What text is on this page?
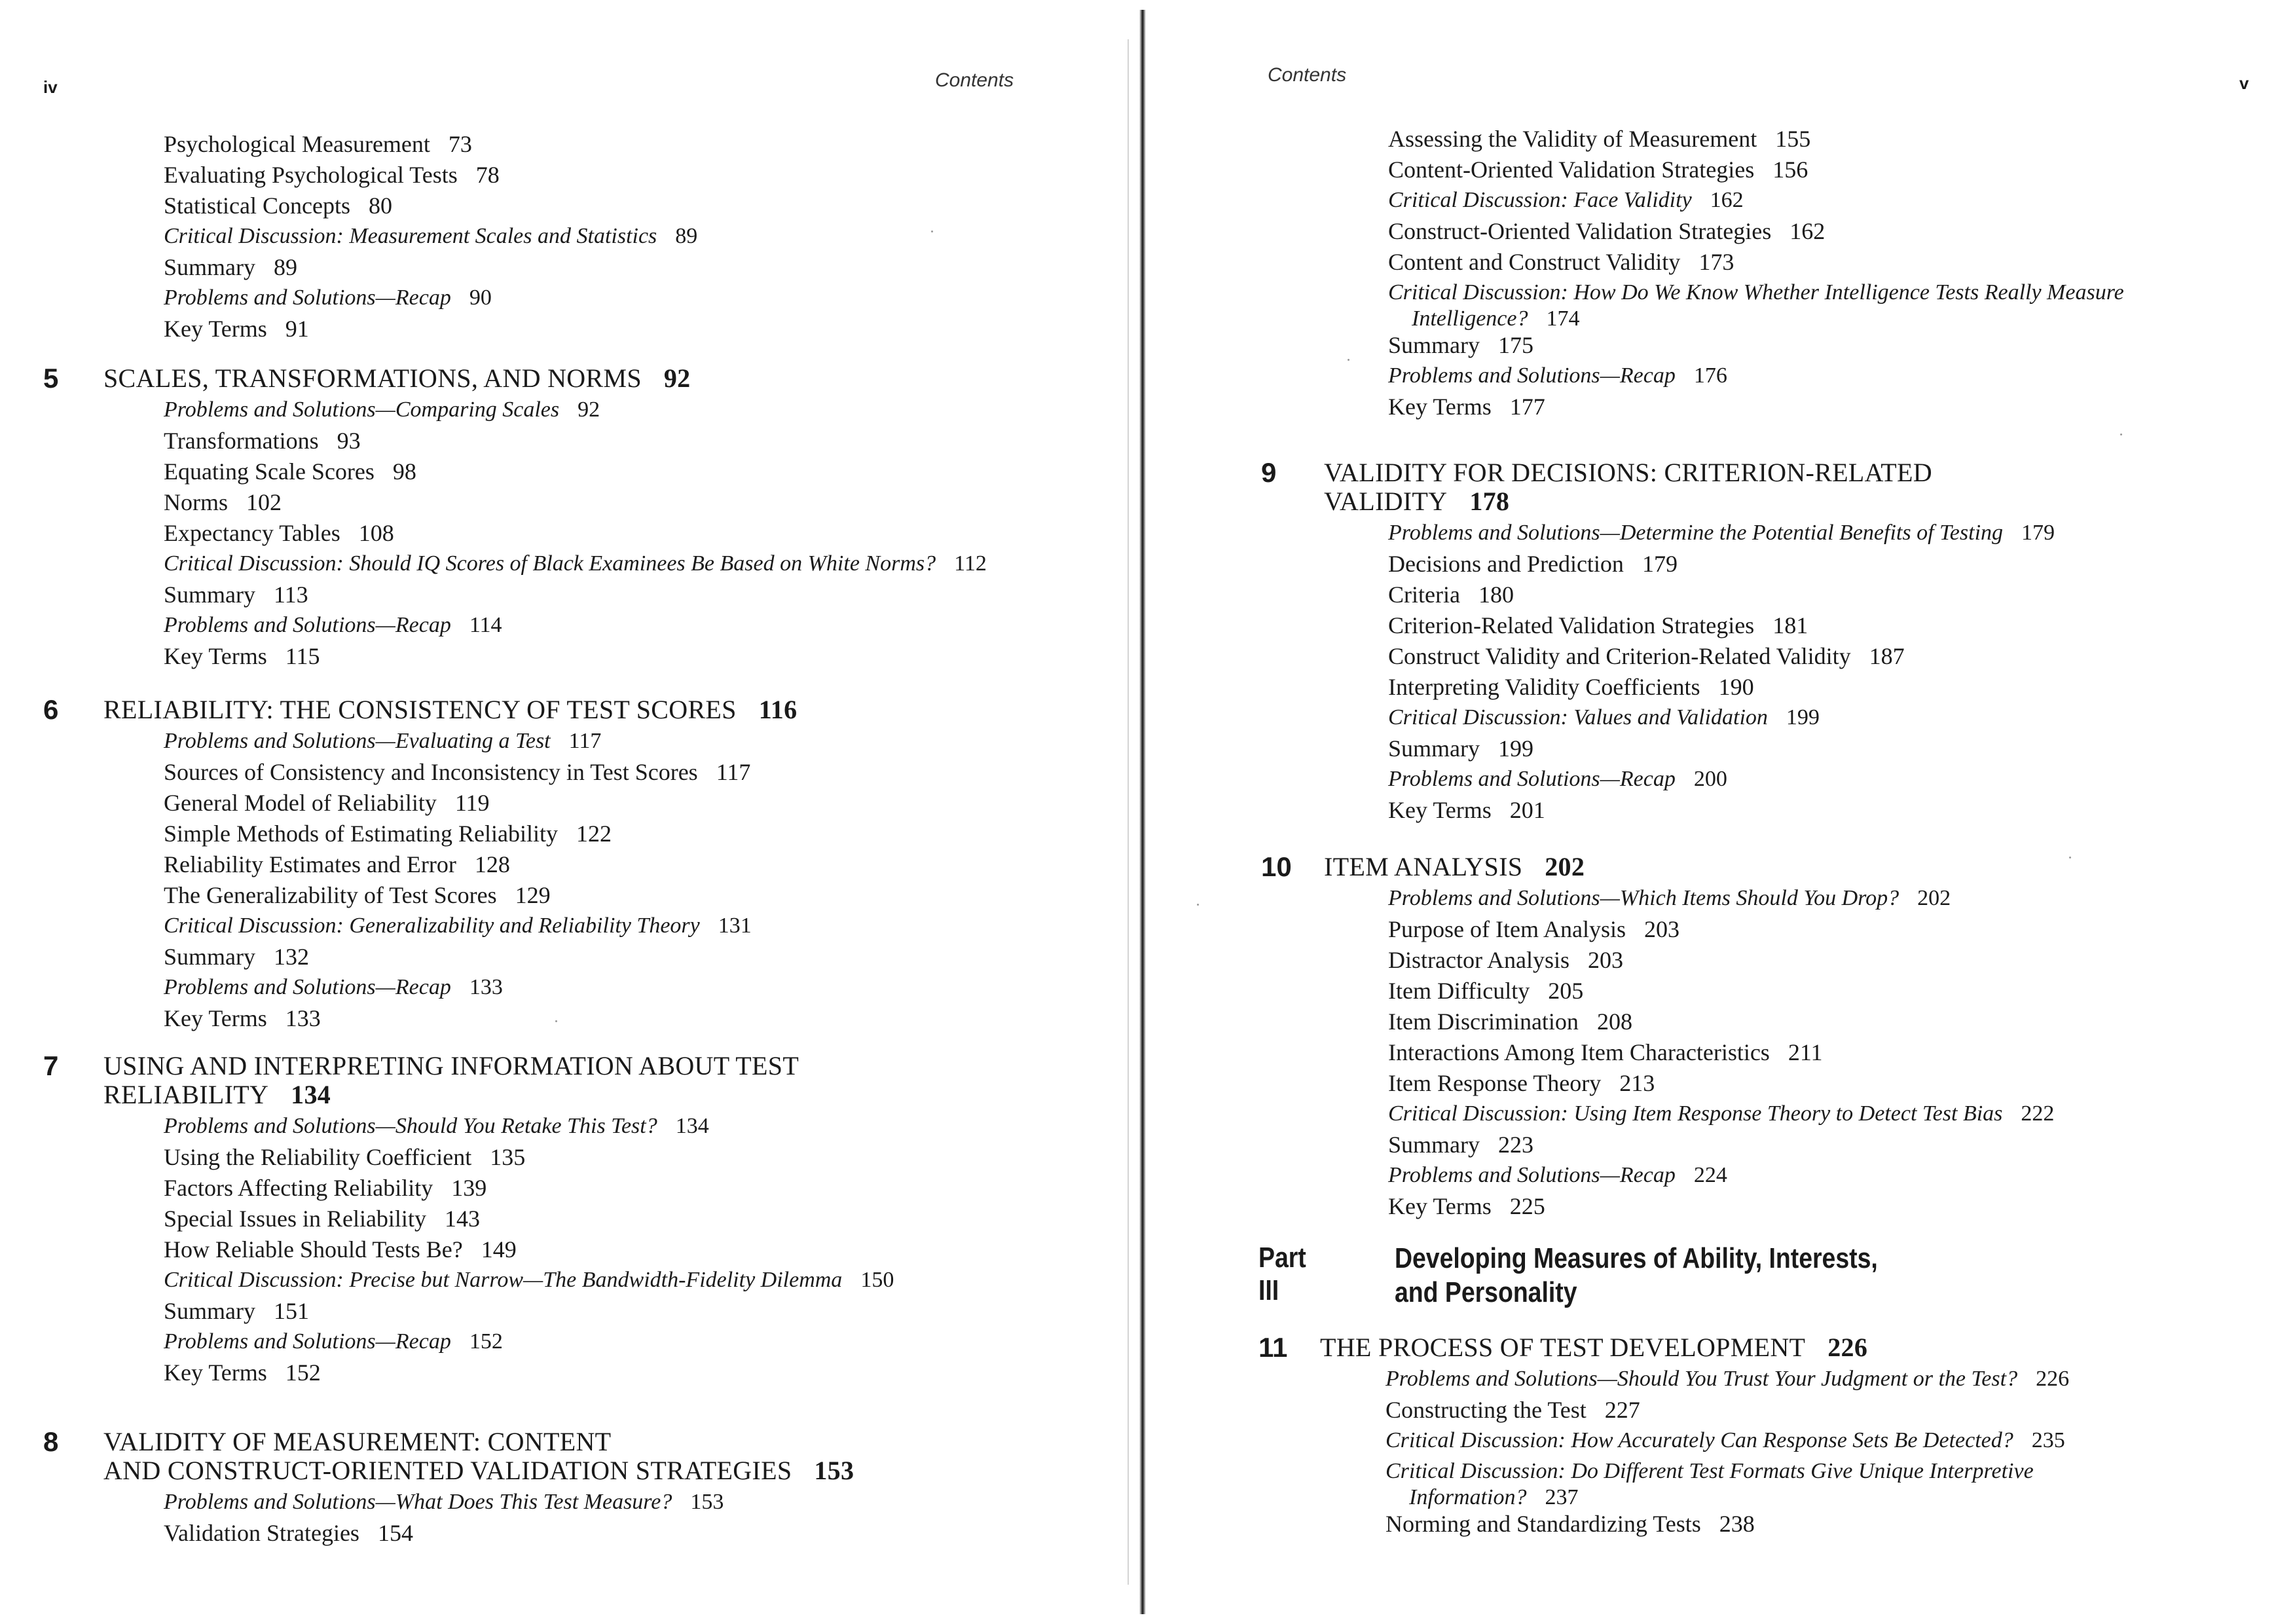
iv	Contents
Psychological Measurement 73
Evaluating Psychological Tests 78
Statistical Concepts 80
Critical Discussion: Measurement Scales and Statistics 89
Summary 89
Problems and Solutions—Recap 90
Key Terms 91
5 SCALES, TRANSFORMATIONS, AND NORMS 92
Problems and Solutions—Comparing Scales 92
Transformations 93
Equating Scale Scores 98
Norms 102
Expectancy Tables 108
Critical Discussion: Should IQ Scores of Black Examinees Be Based on White Norms? 112
Summary 113
Problems and Solutions—Recap 114
Key Terms 115
6 RELIABILITY: THE CONSISTENCY OF TEST SCORES 116
Problems and Solutions—Evaluating a Test 117
Sources of Consistency and Inconsistency in Test Scores 117
General Model of Reliability 119
Simple Methods of Estimating Reliability 122
Reliability Estimates and Error 128
The Generalizability of Test Scores 129
Critical Discussion: Generalizability and Reliability Theory 131
Summary 132
Problems and Solutions—Recap 133
Key Terms 133
7 USING AND INTERPRETING INFORMATION ABOUT TEST
RELIABILITY 134
Problems and Solutions—Should You Retake This Test? 134
Using the Reliability Coefficient 135
Factors Affecting Reliability 139
Special Issues in Reliability 143
How Reliable Should Tests Be? 149
Critical Discussion: Precise but Narrow—The Bandwidth-Fidelity Dilemma 150
Summary 151
Problems and Solutions—Recap 152
Key Terms 152
8 VALIDITY OF MEASUREMENT: CONTENT
AND CONSTRUCT-ORIENTED VALIDATION STRATEGIES 153
Problems and Solutions—What Does This Test Measure? 153
Validation Strategies 154
Contents	v
Assessing the Validity of Measurement 155
Content-Oriented Validation Strategies 156
Critical Discussion: Face Validity 162
Construct-Oriented Validation Strategies 162
Content and Construct Validity 173
Critical Discussion: How Do We Know Whether Intelligence Tests Really Measure
Intelligence? 174
Summary 175
Problems and Solutions—Recap 176
Key Terms 177
9 VALIDITY FOR DECISIONS: CRITERION-RELATED
VALIDITY 178
Problems and Solutions—Determine the Potential Benefits of Testing 179
Decisions and Prediction 179
Criteria 180
Criterion-Related Validation Strategies 181
Construct Validity and Criterion-Related Validity 187
Interpreting Validity Coefficients 190
Critical Discussion: Values and Validation 199
Summary 199
Problems and Solutions—Recap 200
Key Terms 201
10 ITEM ANALYSIS 202
Problems and Solutions—Which Items Should You Drop? 202
Purpose of Item Analysis 203
Distractor Analysis 203
Item Difficulty 205
Item Discrimination 208
Interactions Among Item Characteristics 211
Item Response Theory 213
Critical Discussion: Using Item Response Theory to Detect Test Bias 222
Summary 223
Problems and Solutions—Recap 224
Key Terms 225
Part III
Developing Measures of Ability, Interests,
and Personality
11 THE PROCESS OF TEST DEVELOPMENT 226
Problems and Solutions—Should You Trust Your Judgment or the Test? 226
Constructing the Test 227
Critical Discussion: How Accurately Can Response Sets Be Detected? 235
Critical Discussion: Do Different Test Formats Give Unique Interpretive
Information? 237
Norming and Standardizing Tests 238
